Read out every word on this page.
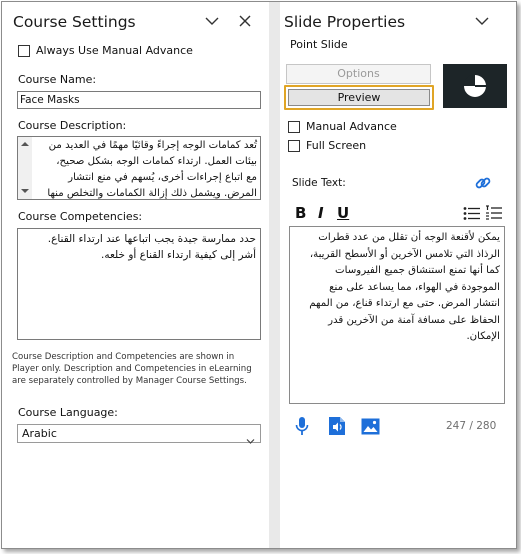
Course Settings
Always Use Manual Advance
Course Name:
Face Masks
Course Description:
تُعد كمامات الوجه إجراءً وقائيًا مهمًا في العديد من
بيئات العمل. ارتداء كمامات الوجه بشكل صحيح،
مع اتباع إجراءات أخرى، يُسهم في منع انتشار
المرض. ويشمل ذلك إزالة الكمامات والتخلص منها
Course Competencies:
حدد ممارسة جيدة يجب اتباعها عند ارتداء القناع.
أشر إلى كيفية ارتداء القناع أو خلعه.
Course Description and Competencies are shown in Player only. Description and Competencies in eLearning are separately controlled by Manager Course Settings.
Course Language:
Arabic
Slide Properties
Point Slide
Options
Preview
Manual Advance
Full Screen
Slide Text:
B I U
يمكن لأقنعة الوجه أن تقلل من عدد قطرات
الرذاذ التي تلامس الآخرين أو الأسطح القريبة،
كما أنها تمنع استنشاق جميع الفيروسات
الموجودة في الهواء، مما يساعد على منع
انتشار المرض. حتى مع ارتداء قناع، من المهم
الحفاظ على مسافة آمنة من الآخرين قدر
الإمكان.
247 / 280
